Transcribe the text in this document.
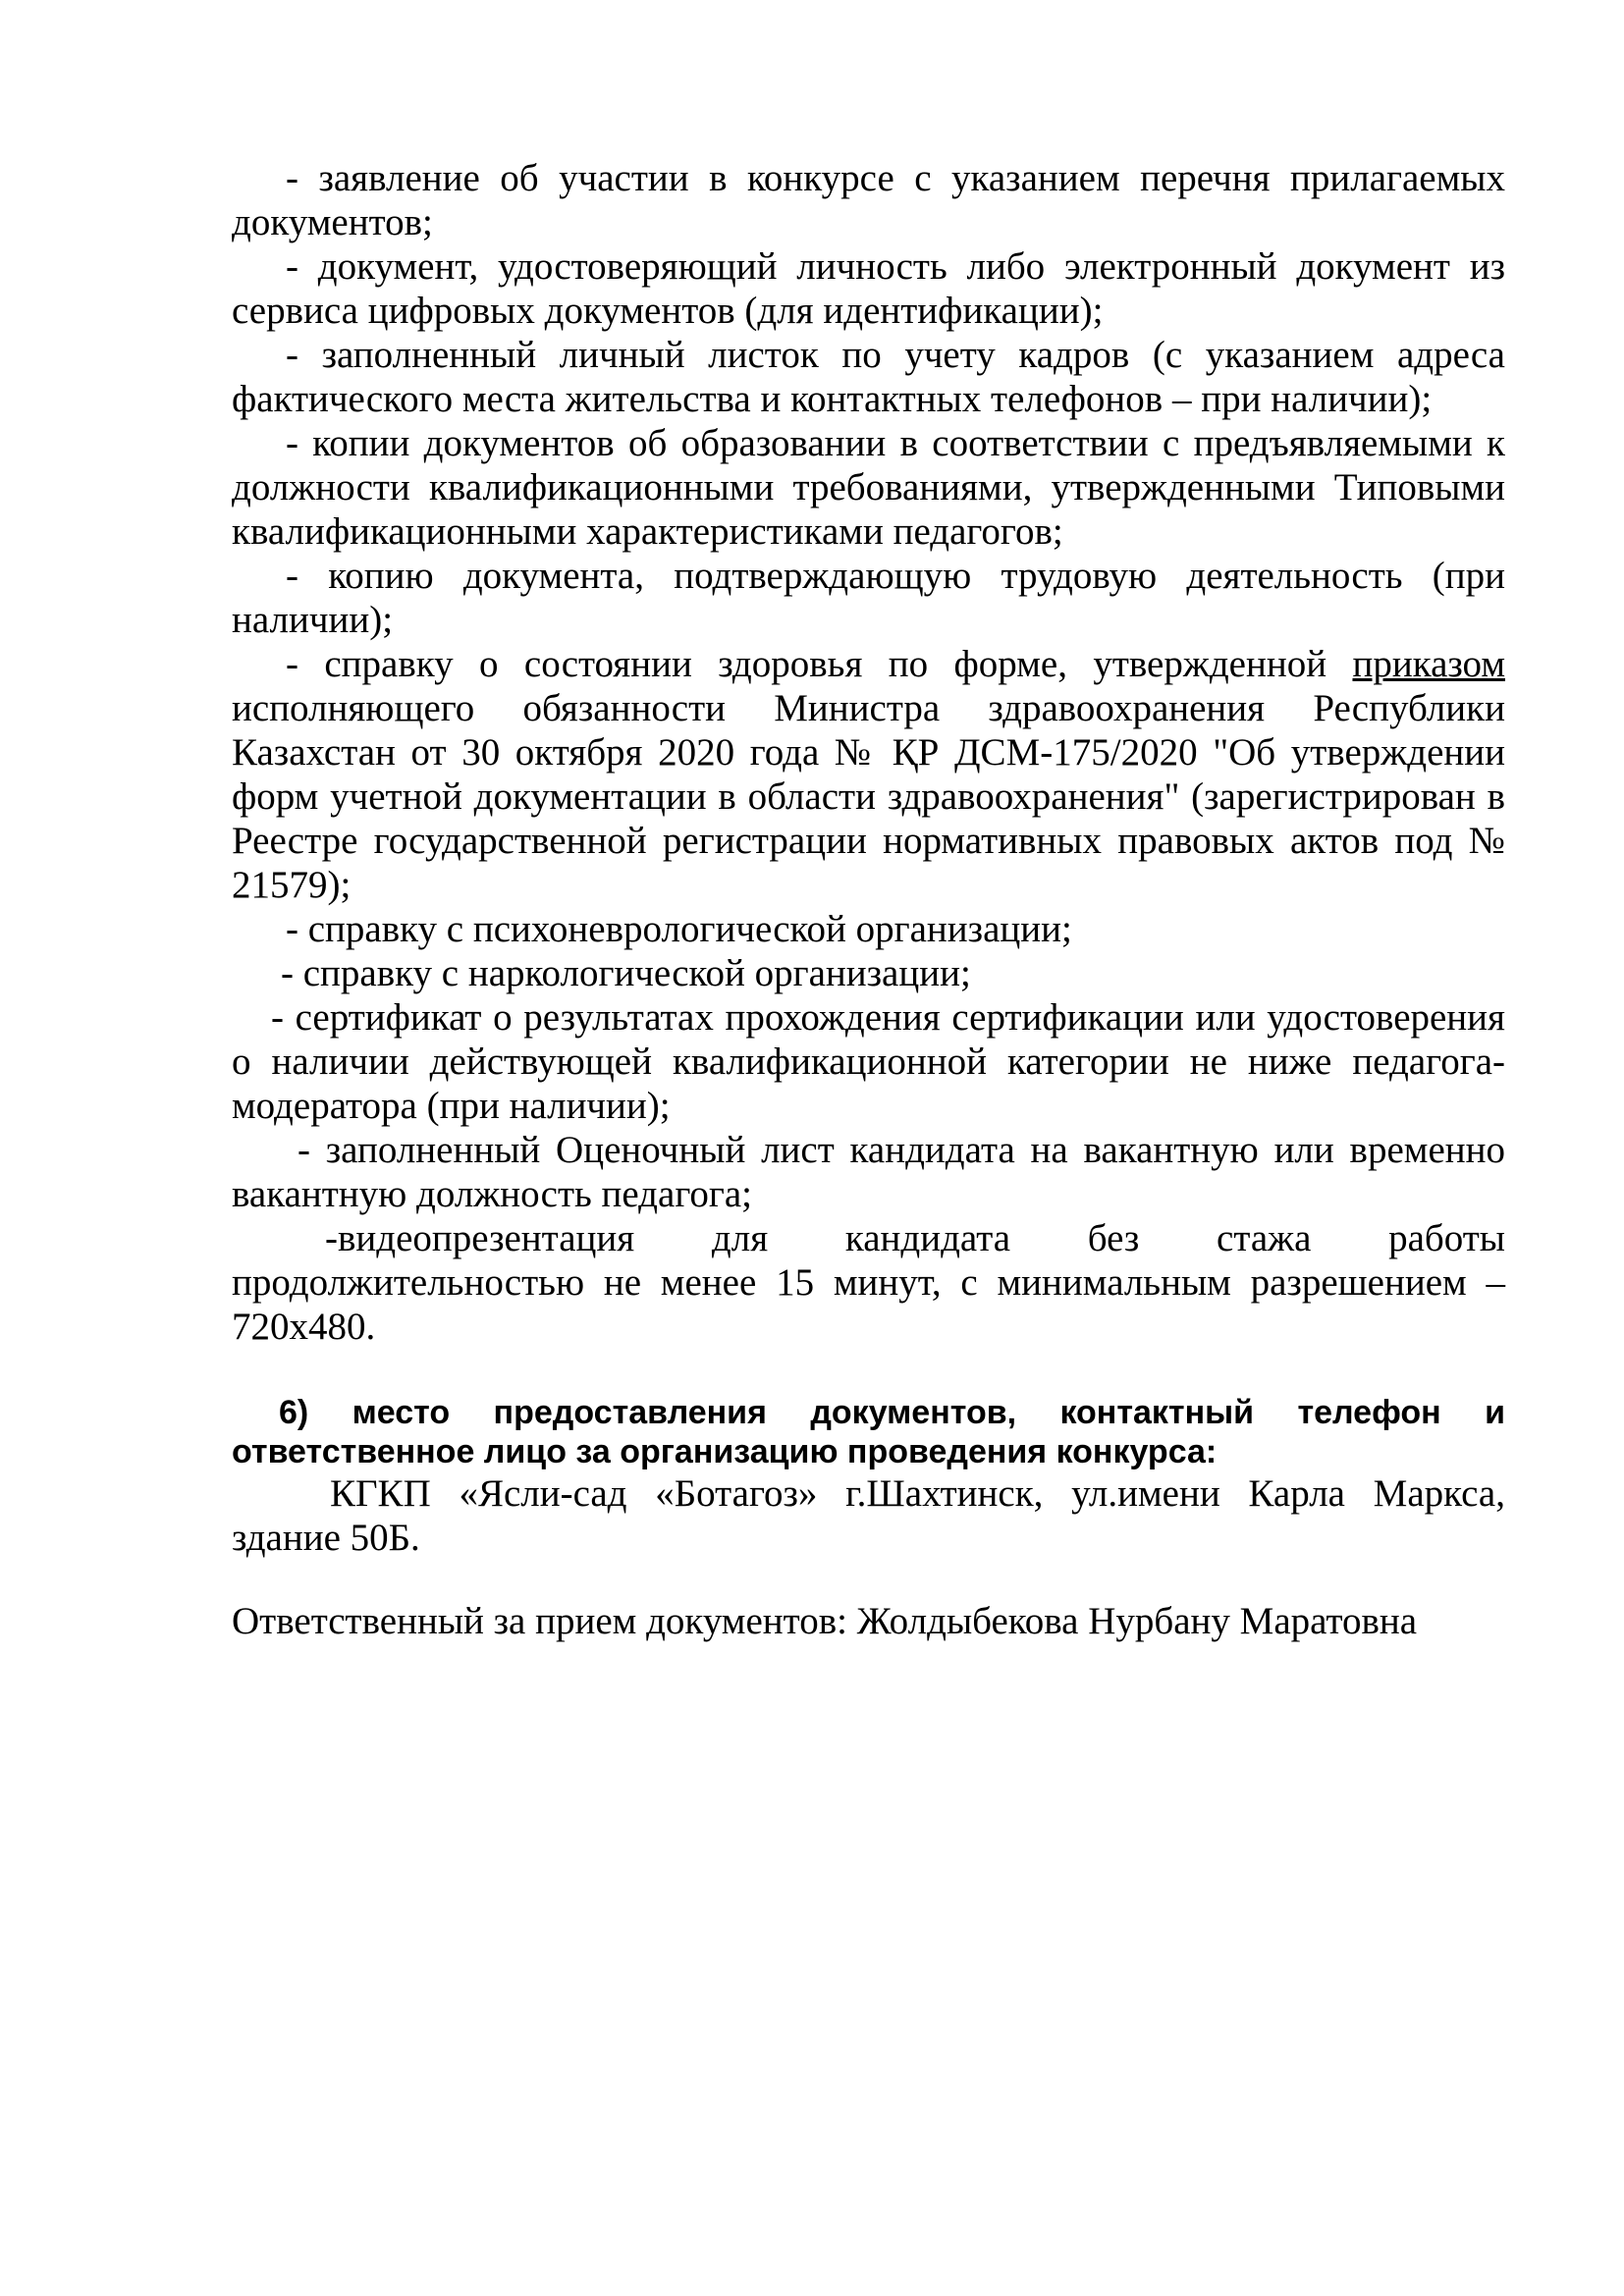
- заявление об участии в конкурсе с указанием перечня прилагаемых документов;

- документ, удостоверяющий личность либо электронный документ из сервиса цифровых документов (для идентификации);

- заполненный личный листок по учету кадров (с указанием адреса фактического места жительства и контактных телефонов – при наличии);

- копии документов об образовании в соответствии с предъявляемыми к должности квалификационными требованиями, утвержденными Типовыми квалификационными характеристиками педагогов;

- копию документа, подтверждающую трудовую деятельность (при наличии);

- справку о состоянии здоровья по форме, утвержденной приказом исполняющего обязанности Министра здравоохранения Республики Казахстан от 30 октября 2020 года № ҚР ДСМ-175/2020 "Об утверждении форм учетной документации в области здравоохранения" (зарегистрирован в Реестре государственной регистрации нормативных правовых актов под № 21579);

- справку с психоневрологической организации;

- справку с наркологической организации;

- сертификат о результатах прохождения сертификации или удостоверения о наличии действующей квалификационной категории не ниже педагога-модератора (при наличии);

- заполненный Оценочный лист кандидата на вакантную или временно вакантную должность педагога;

-видеопрезентация для кандидата без стажа работы продолжительностью не менее 15 минут, с минимальным разрешением – 720x480.

6) место предоставления документов, контактный телефон и ответственное лицо за организацию проведения конкурса:

КГКП «Ясли-сад «Ботагоз» г.Шахтинск, ул.имени Карла Маркса, здание 50Б.

Ответственный за прием документов: Жолдыбекова Нурбану Маратовна
